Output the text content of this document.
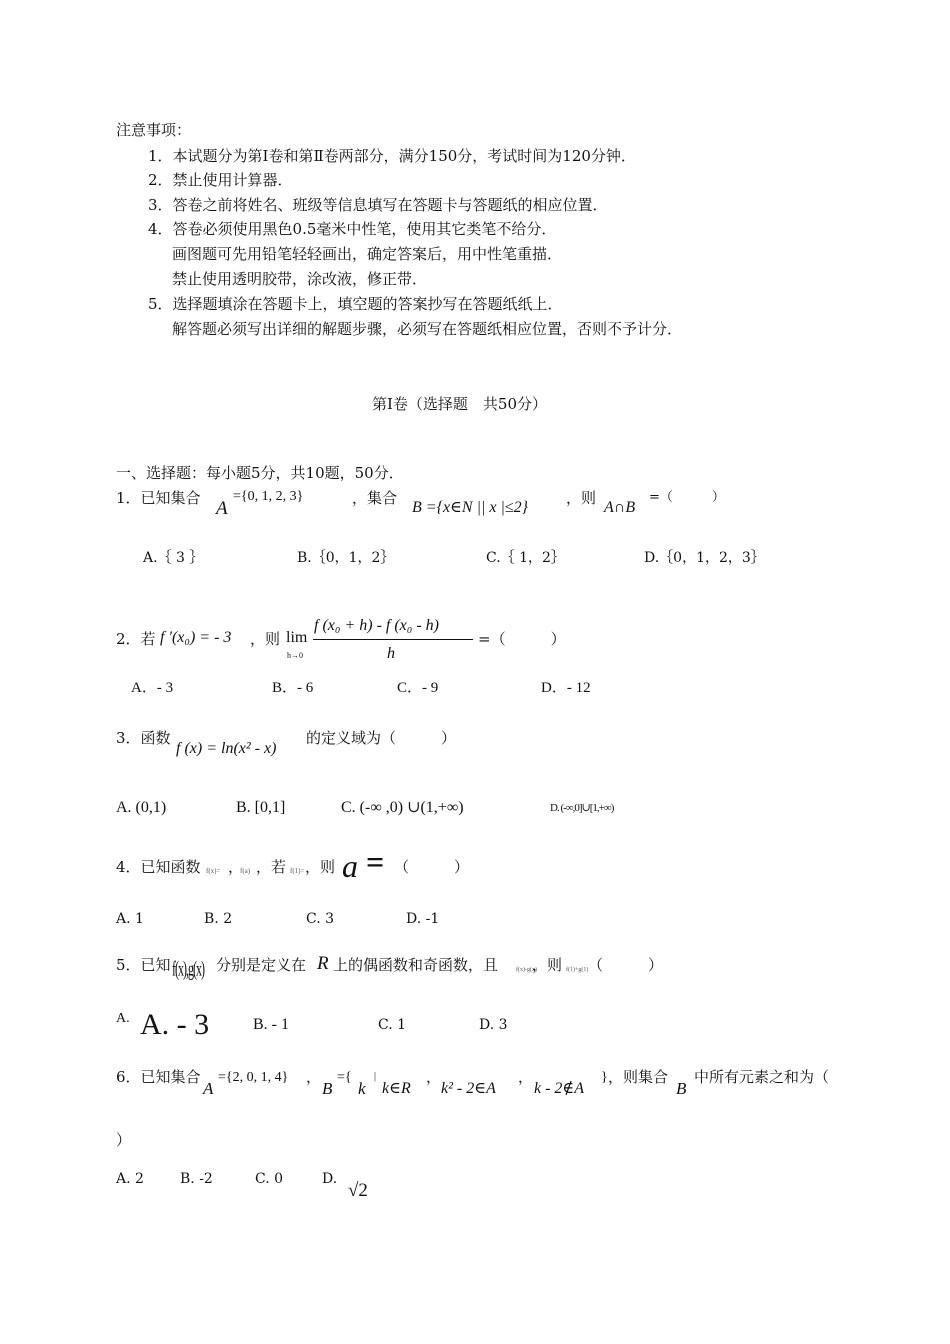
注意事项：
1．本试题分为第Ⅰ卷和第Ⅱ卷两部分，满分150分，考试时间为120分钟．
2．禁止使用计算器．
3．答卷之前将姓名、班级等信息填写在答题卡与答题纸的相应位置．
4．答卷必须使用黑色0.5毫米中性笔，使用其它类笔不给分．
画图题可先用铅笔轻轻画出，确定答案后，用中性笔重描．
禁止使用透明胶带，涂改液，修正带．
5．选择题填涂在答题卡上，填空题的答案抄写在答题纸纸上．
解答题必须写出详细的解题步骤，必须写在答题纸相应位置，否则不予计分．
第Ⅰ卷（选择题　共50分）
一、选择题：每小题5分，共10题，50分．
1．已知集合 A
={0, 1, 2, 3}	，集合
B ={x∈N || x |≤2}
，则
A∩B
=（　　　）
A.｛ 3 ｝	B.｛0，1，2｝	C.｛ 1，2｝	D.｛0，1，2，3｝
2．若 f ′(x₀) = - 3 ，则 lim
h→0
f (x₀ + h) - f (x₀ - h)
h
=（　　　）
A．- 3	B．- 6	C．- 9	D．- 12
3．函数
f (x) = ln(x² - x)
的定义域为（　　　）
A. (0,1)	B. [0,1]	C. (-∞ ,0) ∪(1,+∞)	D. (-∞,0]∪[1,+∞)
4．已知函数 f(x)= ，
f(a) ，若 f(1)= ，则 a = （　　　）
A. 1	B. 2	C. 3	D. -1
5．已知 f(x),g(x) 分别是定义在 R 上的偶函数和奇函数，且	f(x)-g(x)
，则 f(1)+g(1) （　　　）
A. A. - 3	B. - 1	C. 1	D. 3
6．已知集合
A
={2, 0, 1, 4} ，
B
={
k
|
k∈R
，
k² - 2∈A
，
k - 2∉A
} ，则集合
B
中所有元素之和为（
）
A. 2	B. -2	C. 0	D.
√2
